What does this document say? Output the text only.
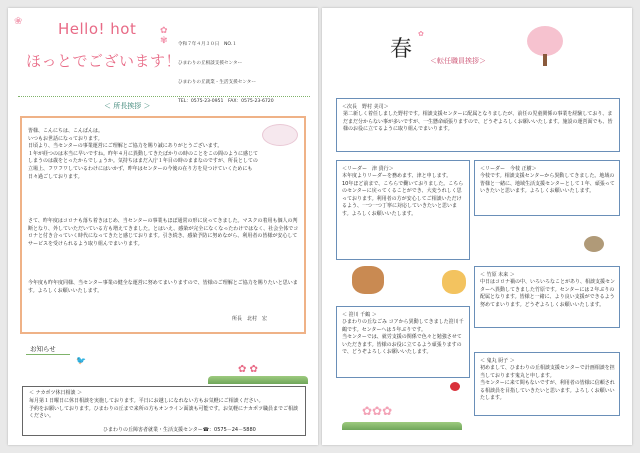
❀ Hello! hot
ほっとでございます！
✿
✾

令和７年４月３０日　NO.１

ひまわりの丘相談支援センター

ひまわりの丘就業・生活支援センター

TEL：0575-23-0951　FAX：0575-23-6720

＜ 所長挨拶 ＞
皆様、こんにちは、こんばんは。
いつもお世話になっております。
日頃より、当センターの事業運営にご理解とご協力を賜り誠にありがとうございます。
１年が経つのは本当に早いですね。昨年４月に異動してきたばかりの時のことをこの間のように感じてしまうのは歳をとったからでしょうか。気持ちはまだ入庁１年目の時のままなのですが、所長としての立場上、フワフワしているわけにはいかず、昨年はセンターの今後の在り方を見つけていくためにも日々過ごしております。
さて、昨年度はコロナも落ち着きはじめ、当センターの事業もほぼ通常の形に戻ってきました。マスクの着用も個人の判断となり、外していただいている方も増えてきました。とはいえ、感染が完全になくなったわけではなく、社会全体でコロナと付き合っていく時代になってきたと感じております。引き続き、感染予防に努めながら、利用者の皆様が安心してサービスを受けられるよう取り組んでまいります。
今年度も昨年度同様、当センター事業の健全な運営に努めてまいりますので、皆様のご理解とご協力を賜りたいと思います。よろしくお願いいたします。
所長　北村　宏
お知らせ
🐦
✿ ✿
＜ ナカポツ休日相談 ＞
毎月第１日曜日に休日相談を実施しております。平日にお越しになれない方もお気軽にご相談ください。
予約をお願いしております。ひまわりの丘まで来所の方もオンライン面談も可能です。お気軽にナカポツ職員までご相談ください。
ひまわりの丘障害者就業・生活支援センター☎：0575－24－5880
春
✿
＜転任職員挨拶＞
＜次長　野村 美司＞
第二新しく着任しました野村です。相談支援センターに配属となりましたが、前任の児童関係の事業を経験しており、まだまだ分からない事が多いですが、一生懸命頑張りますので、どうぞよろしくお願いいたします。施設の運営面でも、皆様のお役に立てるように取り組んでまいります。
＜リーダー　津 貴行＞
本年度よりリーダーを務めます、津と申します。
10年ほど前まで、こちらで働いておりました。こちらのセンターに戻ってくることができ、大変うれしく思っております。利用者の方が安心してご相談いただけるよう、一つ一つ丁寧に対応していきたいと思います。よろしくお願いいたします。
＜リーダー　今枝 正樹＞
今枝です。相談支援センターから異動してきました。地域の皆様と一緒に、地域生活支援センターとして１年、頑張っていきたいと思います。よろしくお願いいたします。
＜ 笹川 千鶴 ＞
ひまわりの丘なごみ コアから異動してきました笹川千鶴です。センターへは５年ぶりです。
当センターでは、就労支援の関係で色々と勉強させていただきます。皆様のお役に立てるよう頑張りますので、どうぞよろしくお願いいたします。
＜ 竹原 未来 ＞
中日はコロナ禍の中、いろいろなことがあり、相談支援センターへ異動してきました竹原です。センターには２年ぶりの配属となります。皆様と一緒に、より良い支援ができるよう努めてまいります。どうぞよろしくお願いいたします。
＜ 鬼丸 厨子 ＞
初めまして、ひまわりの丘相談支援センターで計画相談を担当しております鬼丸と申します。
当センターに来て間もないですが、利用者の皆様に信頼される相談員を目指していきたいと思います。よろしくお願いいたします。
✿✿✿
